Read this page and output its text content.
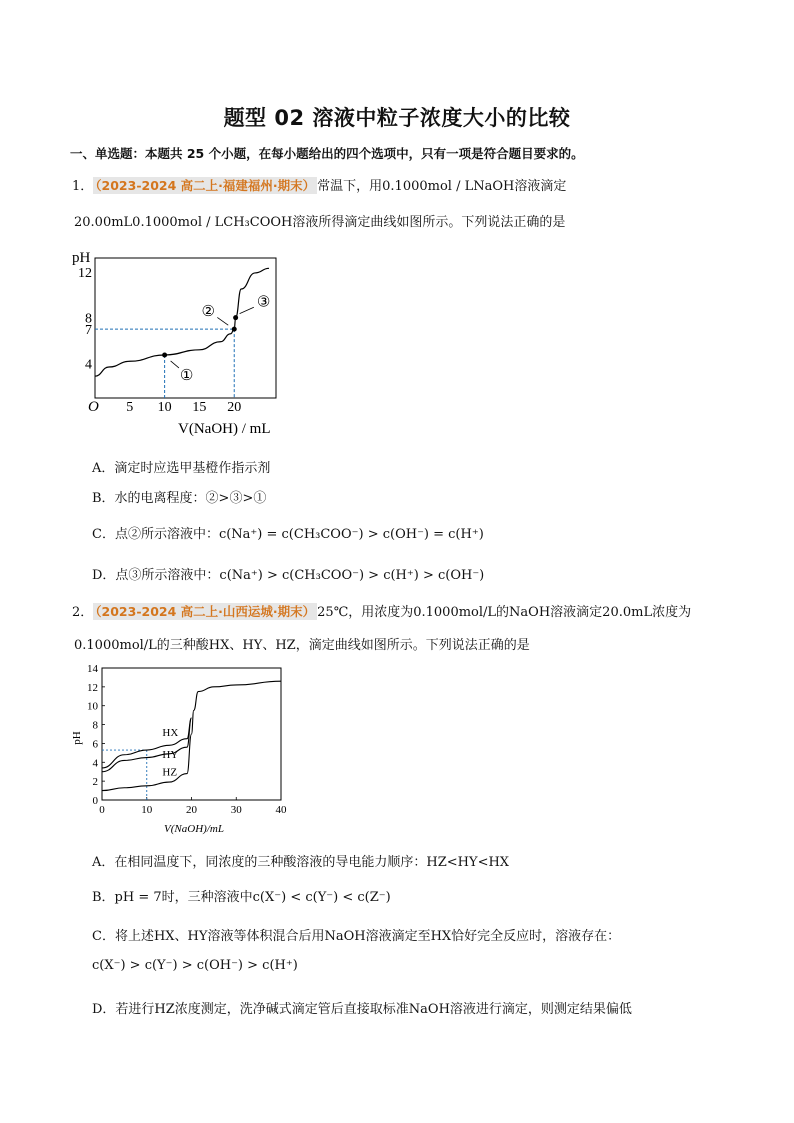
题型 02 溶液中粒子浓度大小的比较
一、单选题：本题共 25 个小题，在每小题给出的四个选项中，只有一项是符合题目要求的。
1． （2023-2024 高二上·福建福州·期末） 常温下，用0.1000mol / LNaOH溶液滴定
20.00mL0.1000mol / LCH₃COOH溶液所得滴定曲线如图所示。下列说法正确的是
5 10 15 20
4
7
8
12
①
②
③
pH
O
V(NaOH) / mL
A．滴定时应选甲基橙作指示剂
B．水的电离程度：②>③>①
C．点②所示溶液中：c(Na⁺) = c(CH₃COO⁻) > c(OH⁻) = c(H⁺)
D．点③所示溶液中：c(Na⁺) > c(CH₃COO⁻) > c(H⁺) > c(OH⁻)
2． （2023-2024 高二上·山西运城·期末） 25℃，用浓度为0.1000mol/L的NaOH溶液滴定20.0mL浓度为
0.1000mol/L的三种酸HX、HY、HZ，滴定曲线如图所示。下列说法正确的是
0	10	20	30	40
0
2
4
6
8
10
12
14
HX
HY
HZ
pH
V(NaOH)/mL
A．在相同温度下，同浓度的三种酸溶液的导电能力顺序：HZ<HY<HX
B．pH = 7时，三种溶液中c(X⁻) < c(Y⁻) < c(Z⁻)
C．将上述HX、HY溶液等体积混合后用NaOH溶液滴定至HX恰好完全反应时，溶液存在：
c(X⁻) > c(Y⁻) > c(OH⁻) > c(H⁺)
D．若进行HZ浓度测定，洗净碱式滴定管后直接取标准NaOH溶液进行滴定，则测定结果偏低
